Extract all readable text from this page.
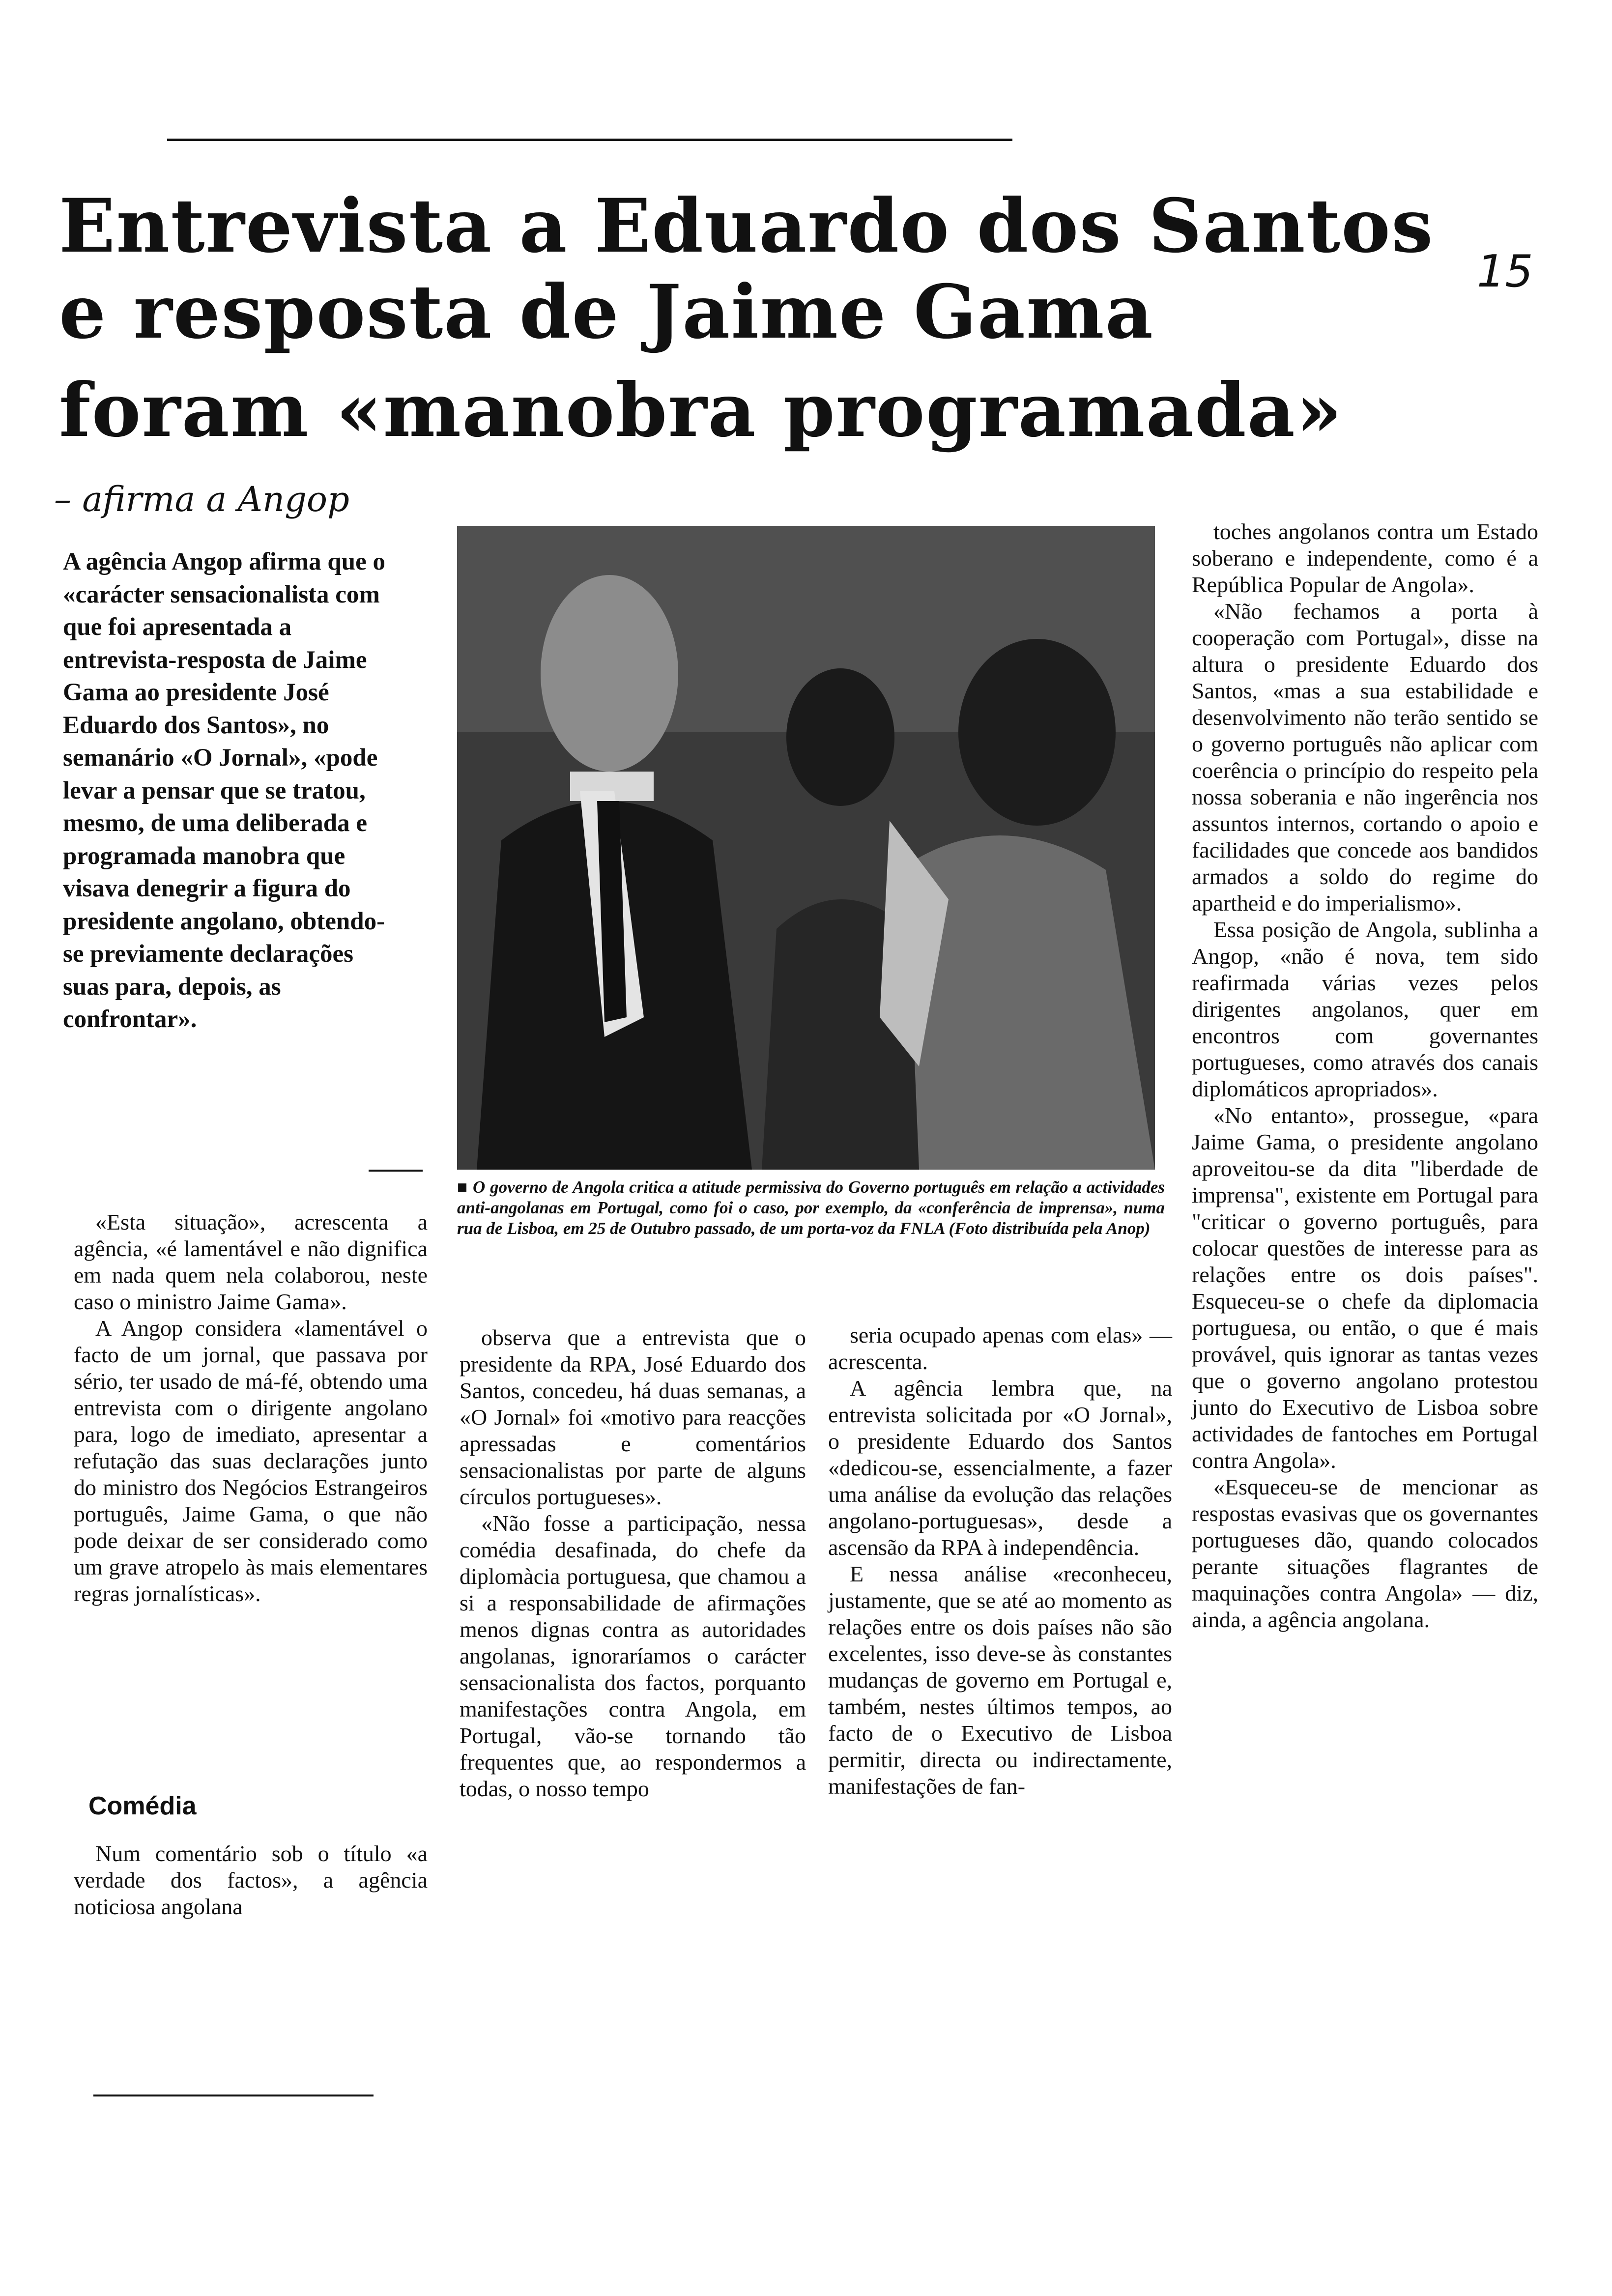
Entrevista a Eduardo dos Santos
e resposta de Jaime Gama
foram «manobra programada»
15
– afirma a Angop

A agência Angop afirma que o «carácter sensacionalista com que foi apresentada a entrevista-resposta de Jaime Gama ao presidente José Eduardo dos Santos», no semanário «O Jornal», «pode levar a pensar que se tratou, mesmo, de uma deliberada e programada manobra que visava denegrir a figura do presidente angolano, obtendo-se previamente declarações suas para, depois, as confrontar».

■ O governo de Angola critica a atitude permissiva do Governo português em relação a actividades anti-angolanas em Portugal, como foi o caso, por exemplo, da «conferência de imprensa», numa rua de Lisboa, em 25 de Outubro passado, de um porta-voz da FNLA (Foto distribuída pela Anop)

«Esta situação», acrescenta a agência, «é lamentável e não dignifica em nada quem nela colaborou, neste caso o ministro Jaime Gama».

A Angop considera «lamentável o facto de um jornal, que passava por sério, ter usado de má-fé, obtendo uma entrevista com o dirigente angolano para, logo de imediato, apresentar a refutação das suas declarações junto do ministro dos Negócios Estrangeiros português, Jaime Gama, o que não pode deixar de ser considerado como um grave atropelo às mais elementares regras jornalísticas».

Comédia

Num comentário sob o título «a verdade dos factos», a agência noticiosa angolana

observa que a entrevista que o presidente da RPA, José Eduardo dos Santos, concedeu, há duas semanas, a «O Jornal» foi «motivo para reacções apressadas e comentários sensacionalistas por parte de alguns círculos portugueses».

«Não fosse a participação, nessa comédia desafinada, do chefe da diplomàcia portuguesa, que chamou a si a responsabilidade de afirmações menos dignas contra as autoridades angolanas, ignoraríamos o carácter sensacionalista dos factos, porquanto manifestações contra Angola, em Portugal, vão-se tornando tão frequentes que, ao respondermos a todas, o nosso tempo

seria ocupado apenas com elas» — acrescenta.

A agência lembra que, na entrevista solicitada por «O Jornal», o presidente Eduardo dos Santos «dedicou-se, essencialmente, a fazer uma análise da evolução das relações angolano-portuguesas», desde a ascensão da RPA à independência.

E nessa análise «reconheceu, justamente, que se até ao momento as relações entre os dois países não são excelentes, isso deve-se às constantes mudanças de governo em Portugal e, também, nestes últimos tempos, ao facto de o Executivo de Lisboa permitir, directa ou indirectamente, manifestações de fan-

toches angolanos contra um Estado soberano e independente, como é a República Popular de Angola».

«Não fechamos a porta à cooperação com Portugal», disse na altura o presidente Eduardo dos Santos, «mas a sua estabilidade e desenvolvimento não terão sentido se o governo português não aplicar com coerência o princípio do respeito pela nossa soberania e não ingerência nos assuntos internos, cortando o apoio e facilidades que concede aos bandidos armados a soldo do regime do apartheid e do imperialismo».

Essa posição de Angola, sublinha a Angop, «não é nova, tem sido reafirmada várias vezes pelos dirigentes angolanos, quer em encontros com governantes portugueses, como através dos canais diplomáticos apropriados».

«No entanto», prossegue, «para Jaime Gama, o presidente angolano aproveitou-se da dita "liberdade de imprensa", existente em Portugal para "criticar o governo português, para colocar questões de interesse para as relações entre os dois países". Esqueceu-se o chefe da diplomacia portuguesa, ou então, o que é mais provável, quis ignorar as tantas vezes que o governo angolano protestou junto do Executivo de Lisboa sobre actividades de fantoches em Portugal contra Angola».

«Esqueceu-se de mencionar as respostas evasivas que os governantes portugueses dão, quando colocados perante situações flagrantes de maquinações contra Angola» — diz, ainda, a agência angolana.
